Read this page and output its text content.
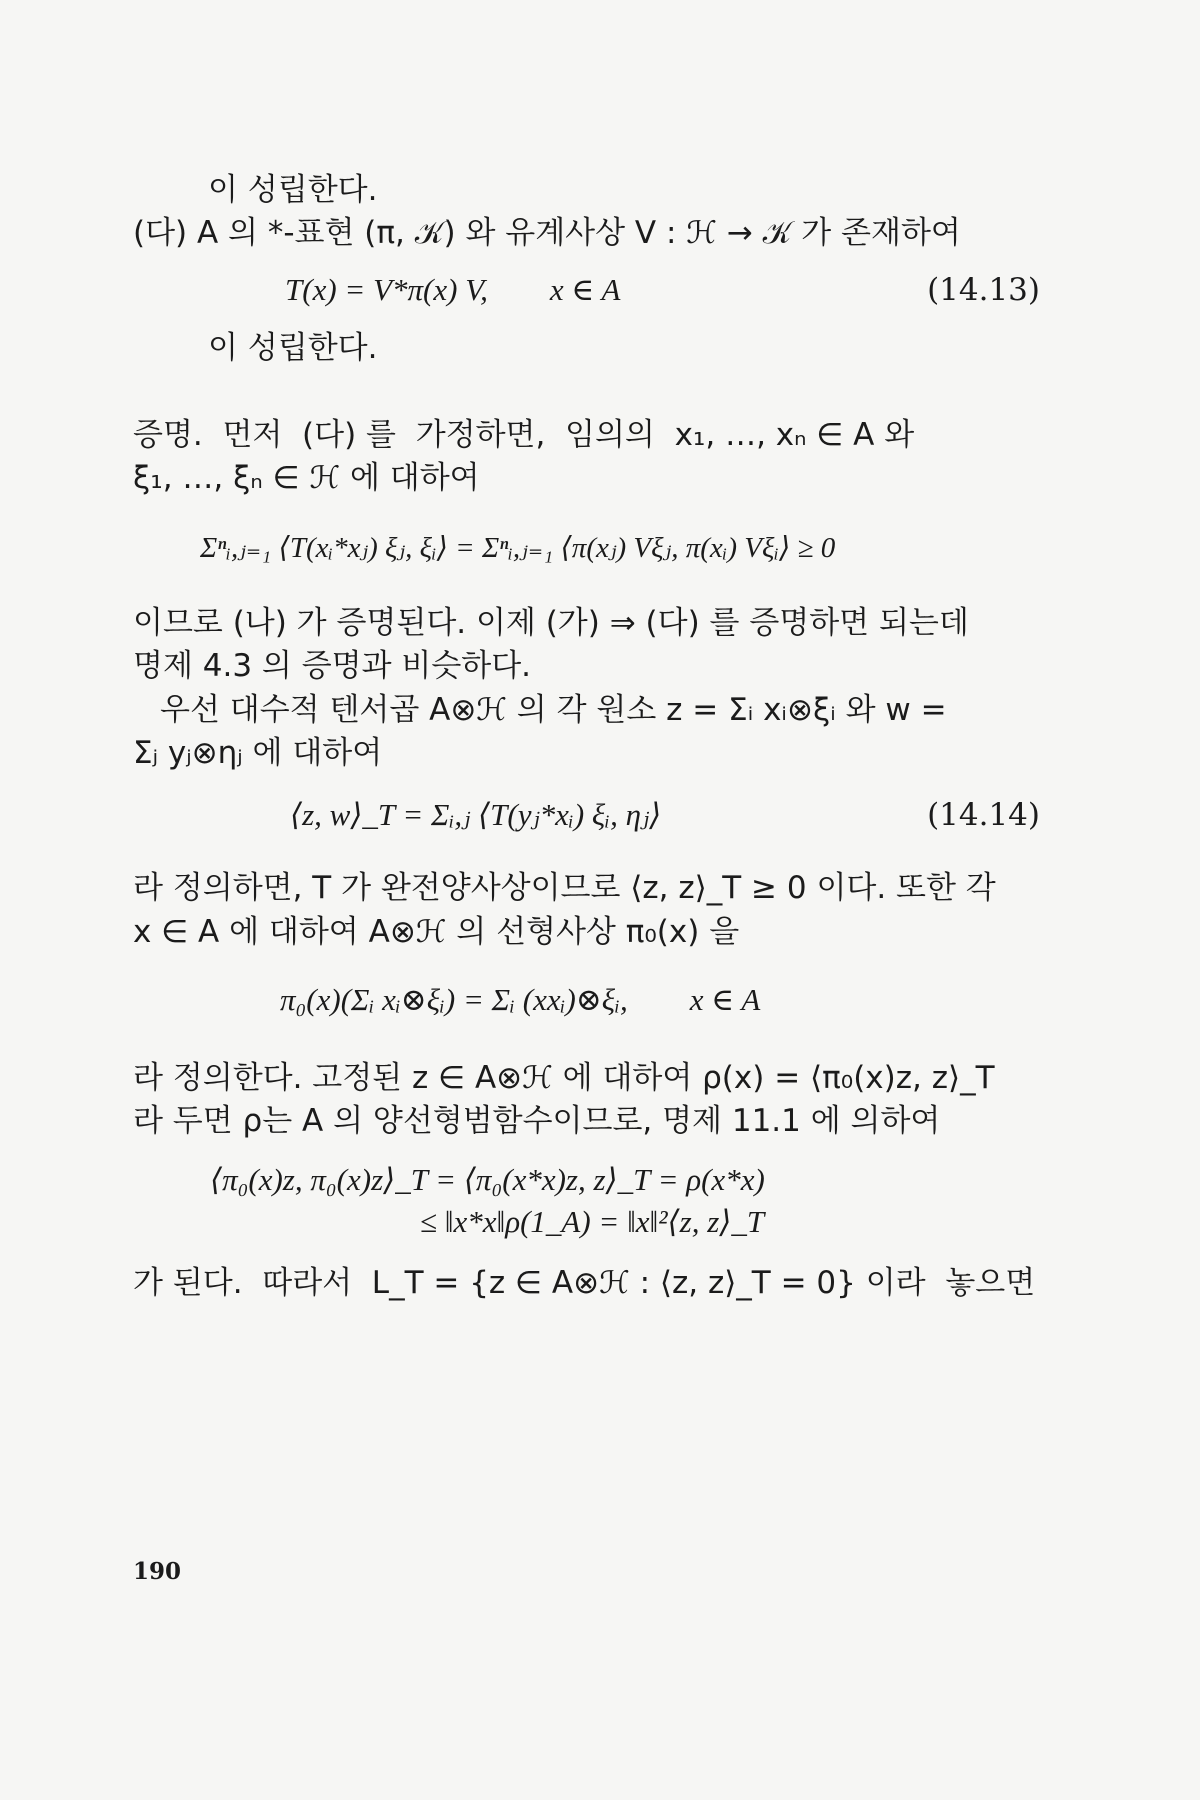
이 성립한다.
(다) A 의 *-표현 (π, 𝒦) 와 유계사상 V : ℋ → 𝒦 가 존재하여
T(x) = V*π(x) V,        x ∈ A	(14.13)
이 성립한다.
증명.  먼저  (다) 를  가정하면,  임의의  x₁, …, xₙ ∈ A 와
ξ₁, …, ξₙ ∈ ℋ 에 대하여
Σⁿᵢ,ⱼ₌₁ ⟨T(xᵢ*xⱼ) ξⱼ, ξᵢ⟩ = Σⁿᵢ,ⱼ₌₁ ⟨π(xⱼ) Vξⱼ, π(xᵢ) Vξᵢ⟩ ≥ 0
이므로 (나) 가 증명된다. 이제 (가) ⇒ (다) 를 증명하면 되는데
명제 4.3 의 증명과 비슷하다.
우선 대수적 텐서곱 A⊗ℋ 의 각 원소 z = Σᵢ xᵢ⊗ξᵢ 와 w =
Σⱼ yⱼ⊗ηⱼ 에 대하여
⟨z, w⟩_T = Σᵢ,ⱼ ⟨T(yⱼ*xᵢ) ξᵢ, ηⱼ⟩	(14.14)
라 정의하면, T 가 완전양사상이므로 ⟨z, z⟩_T ≥ 0 이다. 또한 각
x ∈ A 에 대하여 A⊗ℋ 의 선형사상 π₀(x) 을
π₀(x)(Σᵢ xᵢ⊗ξᵢ) = Σᵢ (xxᵢ)⊗ξᵢ,        x ∈ A
라 정의한다. 고정된 z ∈ A⊗ℋ 에 대하여 ρ(x) = ⟨π₀(x)z, z⟩_T
라 두면 ρ는 A 의 양선형범함수이므로, 명제 11.1 에 의하여
⟨π₀(x)z, π₀(x)z⟩_T = ⟨π₀(x*x)z, z⟩_T = ρ(x*x)
≤ ‖x*x‖ρ(1_A) = ‖x‖²⟨z, z⟩_T
가 된다.  따라서  L_T = {z ∈ A⊗ℋ : ⟨z, z⟩_T = 0} 이라  놓으면
190
